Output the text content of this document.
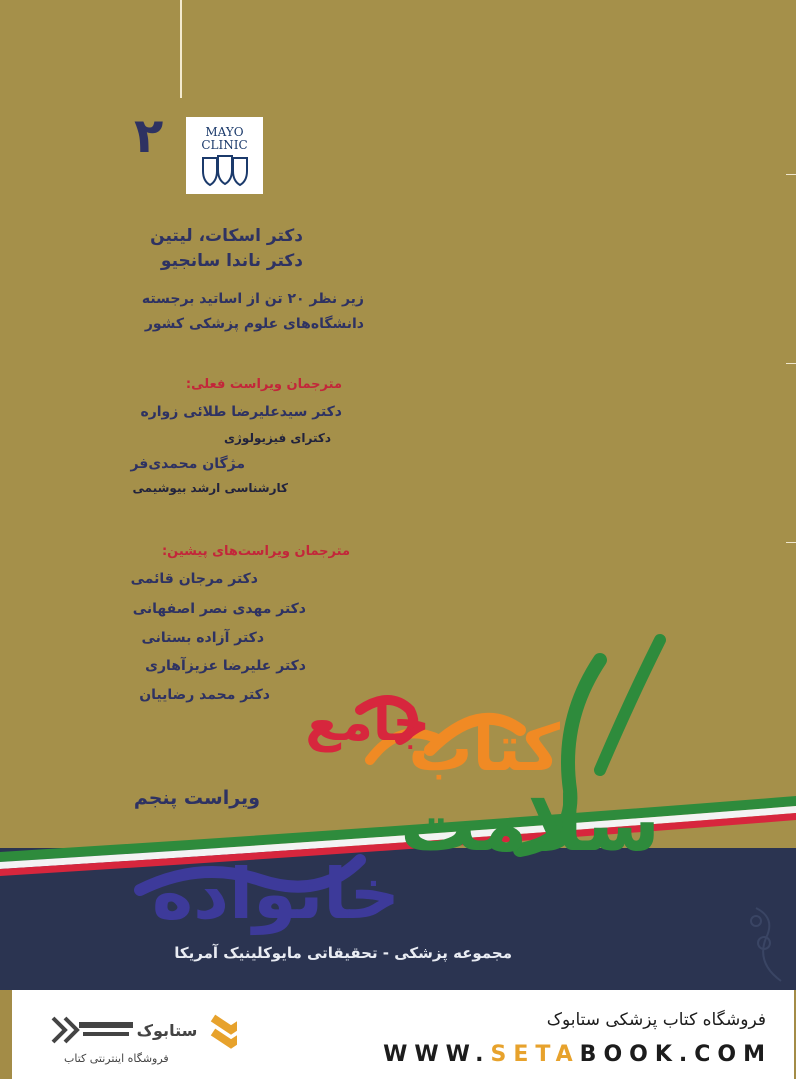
۲	MAYO
CLINIC
دکتر اسکات، لیتین
دکتر ناندا سانجیو
زیر نظر ۲۰ تن از اساتید برجسته
دانشگاه‌های علوم پزشکی کشور
مترجمان ویراست فعلی:
دکتر سیدعلیرضا طلائی زواره
دکترای فیزیولوژی
مژگان محمدی‌فر
کارشناسی ارشد بیوشیمی
مترجمان ویراست‌های پیشین:
دکتر مرجان قائمی
دکتر مهدی نصر اصفهانی
دکتر آزاده بستانی
دکتر علیرضا عزیزآهاری
دکتر محمد رضاییان جامع
کتاب
سلامت
خانواده
ویراست پنجم
مجموعه پزشکی - تحقیقاتی مایوکلینیک آمریکا
ستابوک
فروشگاه اینترنتی کتاب
فروشگاه کتاب پزشکی ستابوک
WWW.SETABOOK.COM
